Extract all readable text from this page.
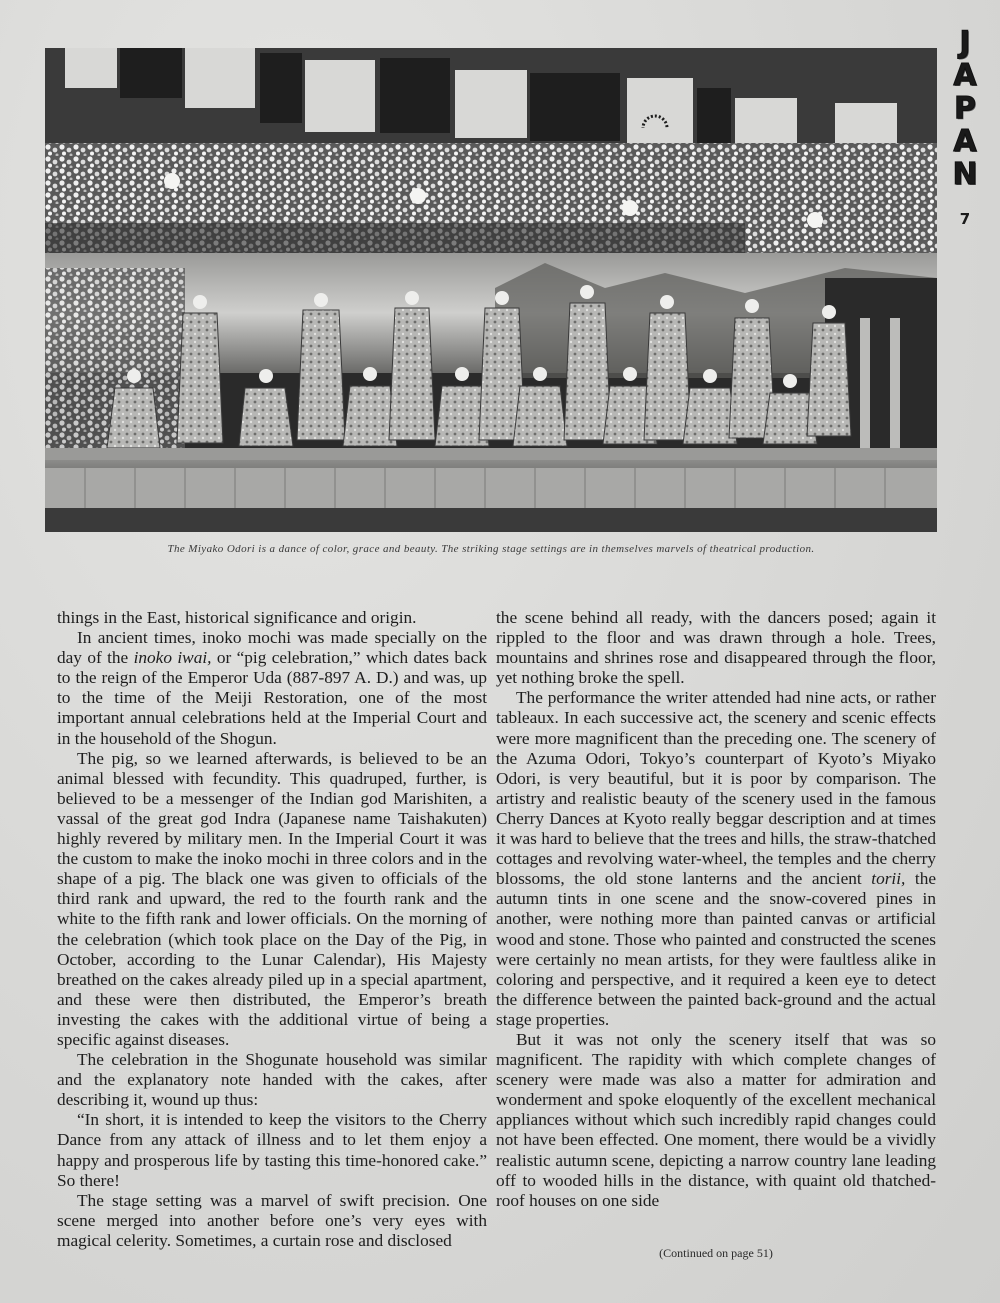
J
A
P
A
N
7
The Miyako Odori is a dance of color, grace and beauty. The striking stage settings are in themselves marvels of theatrical production.

things in the East, historical significance and origin.

In ancient times, inoko mochi was made specially on the day of the inoko iwai, or “pig celebration,” which dates back to the reign of the Emperor Uda (887-897 A. D.) and was, up to the time of the Meiji Restoration, one of the most important annual celebrations held at the Imperial Court and in the household of the Shogun.

The pig, so we learned afterwards, is believed to be an animal blessed with fecundity. This quadruped, further, is believed to be a messenger of the Indian god Marishiten, a vassal of the great god Indra (Japanese name Taishakuten) highly revered by military men. In the Imperial Court it was the custom to make the inoko mochi in three colors and in the shape of a pig. The black one was given to officials of the third rank and upward, the red to the fourth rank and the white to the fifth rank and lower officials. On the morning of the celebration (which took place on the Day of the Pig, in October, according to the Lunar Calendar), His Majesty breathed on the cakes already piled up in a special apartment, and these were then distributed, the Emperor’s breath investing the cakes with the additional virtue of being a specific against diseases.

The celebration in the Shogunate household was similar and the explanatory note handed with the cakes, after describing it, wound up thus:

“In short, it is intended to keep the visitors to the Cherry Dance from any attack of illness and to let them enjoy a happy and prosperous life by tasting this time-honored cake.” So there!

The stage setting was a marvel of swift precision. One scene merged into another before one’s very eyes with magical celerity. Sometimes, a curtain rose and disclosed

the scene behind all ready, with the dancers posed; again it rippled to the floor and was drawn through a hole. Trees, mountains and shrines rose and disappeared through the floor, yet nothing broke the spell.

The performance the writer attended had nine acts, or rather tableaux. In each successive act, the scenery and scenic effects were more magnificent than the preceding one. The scenery of the Azuma Odori, Tokyo’s counterpart of Kyoto’s Miyako Odori, is very beautiful, but it is poor by comparison. The artistry and realistic beauty of the scenery used in the famous Cherry Dances at Kyoto really beggar description and at times it was hard to believe that the trees and hills, the straw-thatched cottages and revolving water-wheel, the temples and the cherry blossoms, the old stone lanterns and the ancient torii, the autumn tints in one scene and the snow-covered pines in another, were nothing more than painted canvas or artificial wood and stone. Those who painted and constructed the scenes were certainly no mean artists, for they were faultless alike in coloring and perspective, and it required a keen eye to detect the difference between the painted back-ground and the actual stage properties.

But it was not only the scenery itself that was so magnificent. The rapidity with which complete changes of scenery were made was also a matter for admiration and wonderment and spoke eloquently of the excellent mechanical appliances without which such incredibly rapid changes could not have been effected. One moment, there would be a vividly realistic autumn scene, depicting a narrow country lane leading off to wooded hills in the distance, with quaint old thatched-roof houses on one side

(Continued on page 51)
